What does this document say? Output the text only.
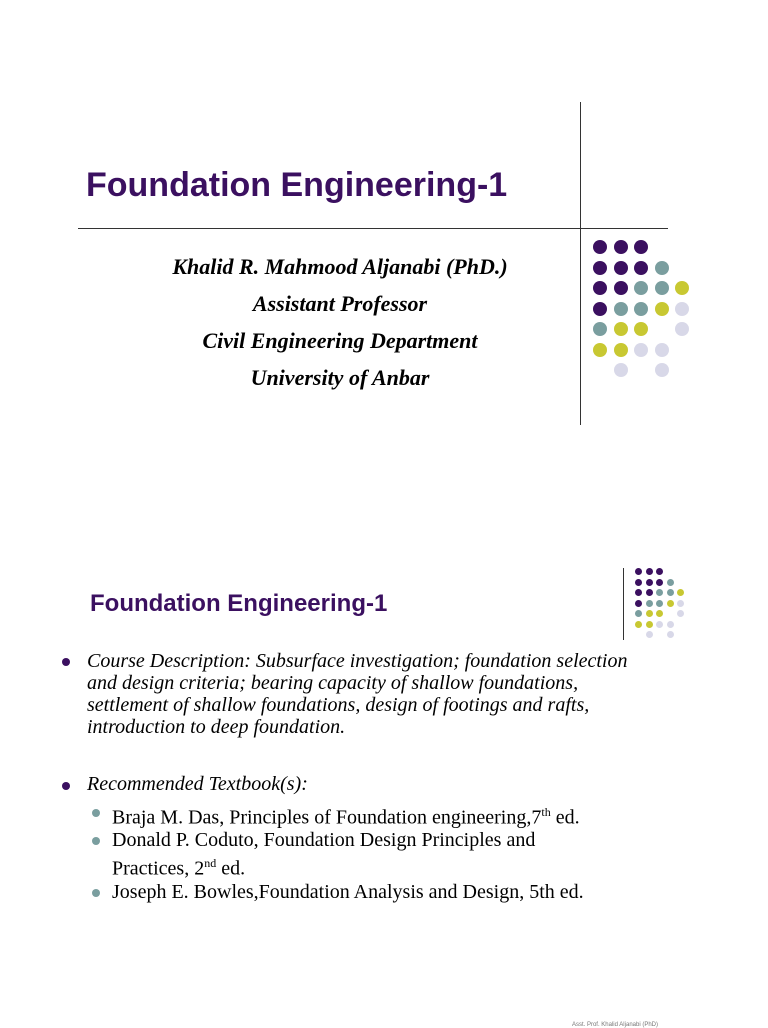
Foundation Engineering-1
Khalid R. Mahmood Aljanabi (PhD.)
Assistant Professor
Civil Engineering Department
University of Anbar
Foundation Engineering-1
Course Description: Subsurface investigation; foundation selection and design criteria; bearing capacity of shallow foundations, settlement of shallow foundations, design of footings and rafts, introduction to deep foundation.
Recommended Textbook(s):
Braja M. Das, Principles of Foundation engineering,7th ed.
Donald P. Coduto, Foundation Design Principles and
Practices, 2nd ed.
Joseph E. Bowles,Foundation Analysis and Design, 5th ed.
Asst. Prof. Khalid Aljanabi (PhD)
